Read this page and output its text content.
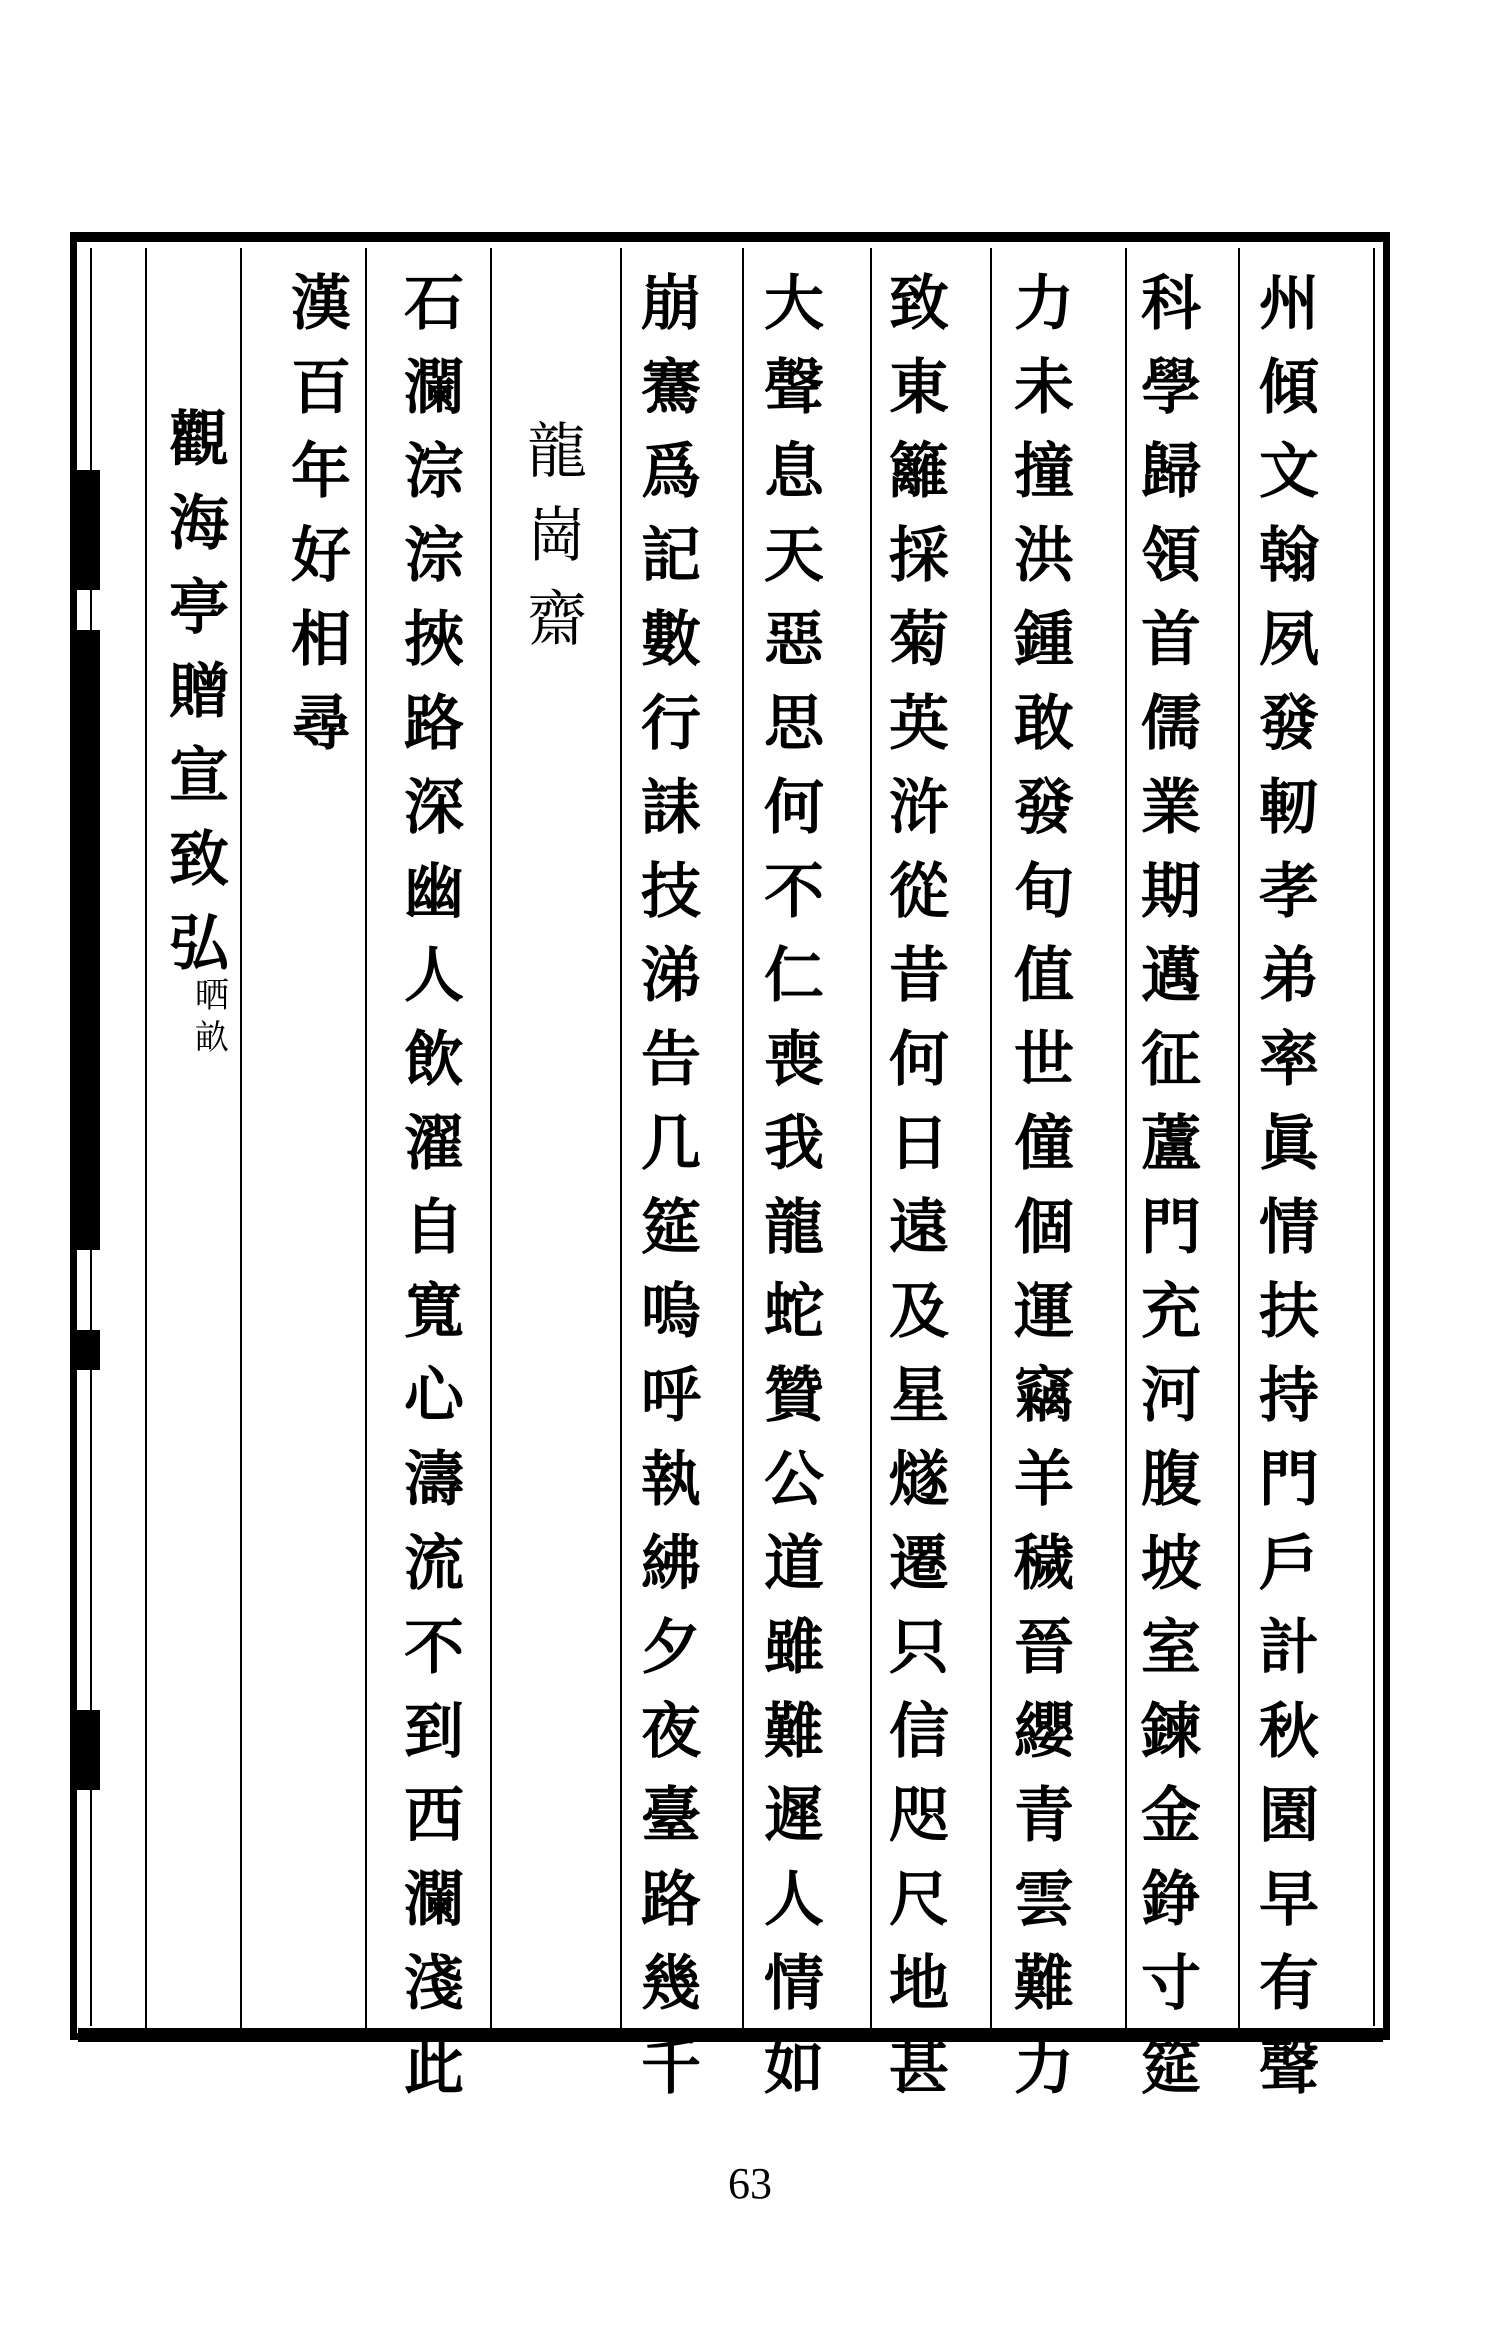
州傾文翰夙發軔孝弟率眞情扶持門戶計秋園早有聲
科學歸領首儒業期邁征蘆門充河腹坡室鍊金錚寸筵
力未撞洪鍾敢發旬值世僮個運竊羊穢晉纓青雲難力
致東籬採菊英浒從昔何日遠及星燧遷只信咫尺地甚
大聲息天惡思何不仁喪我龍蛇贊公道雖難遲人情如
崩騫爲記數行誄技涕告几筵嗚呼執紼夕夜臺路幾千
龍崗齋
石瀾淙淙挾路深幽人飲濯自寬心濤流不到西瀾淺此
漢百年好相尋
觀海亭贈宣致弘
晒畝
63
